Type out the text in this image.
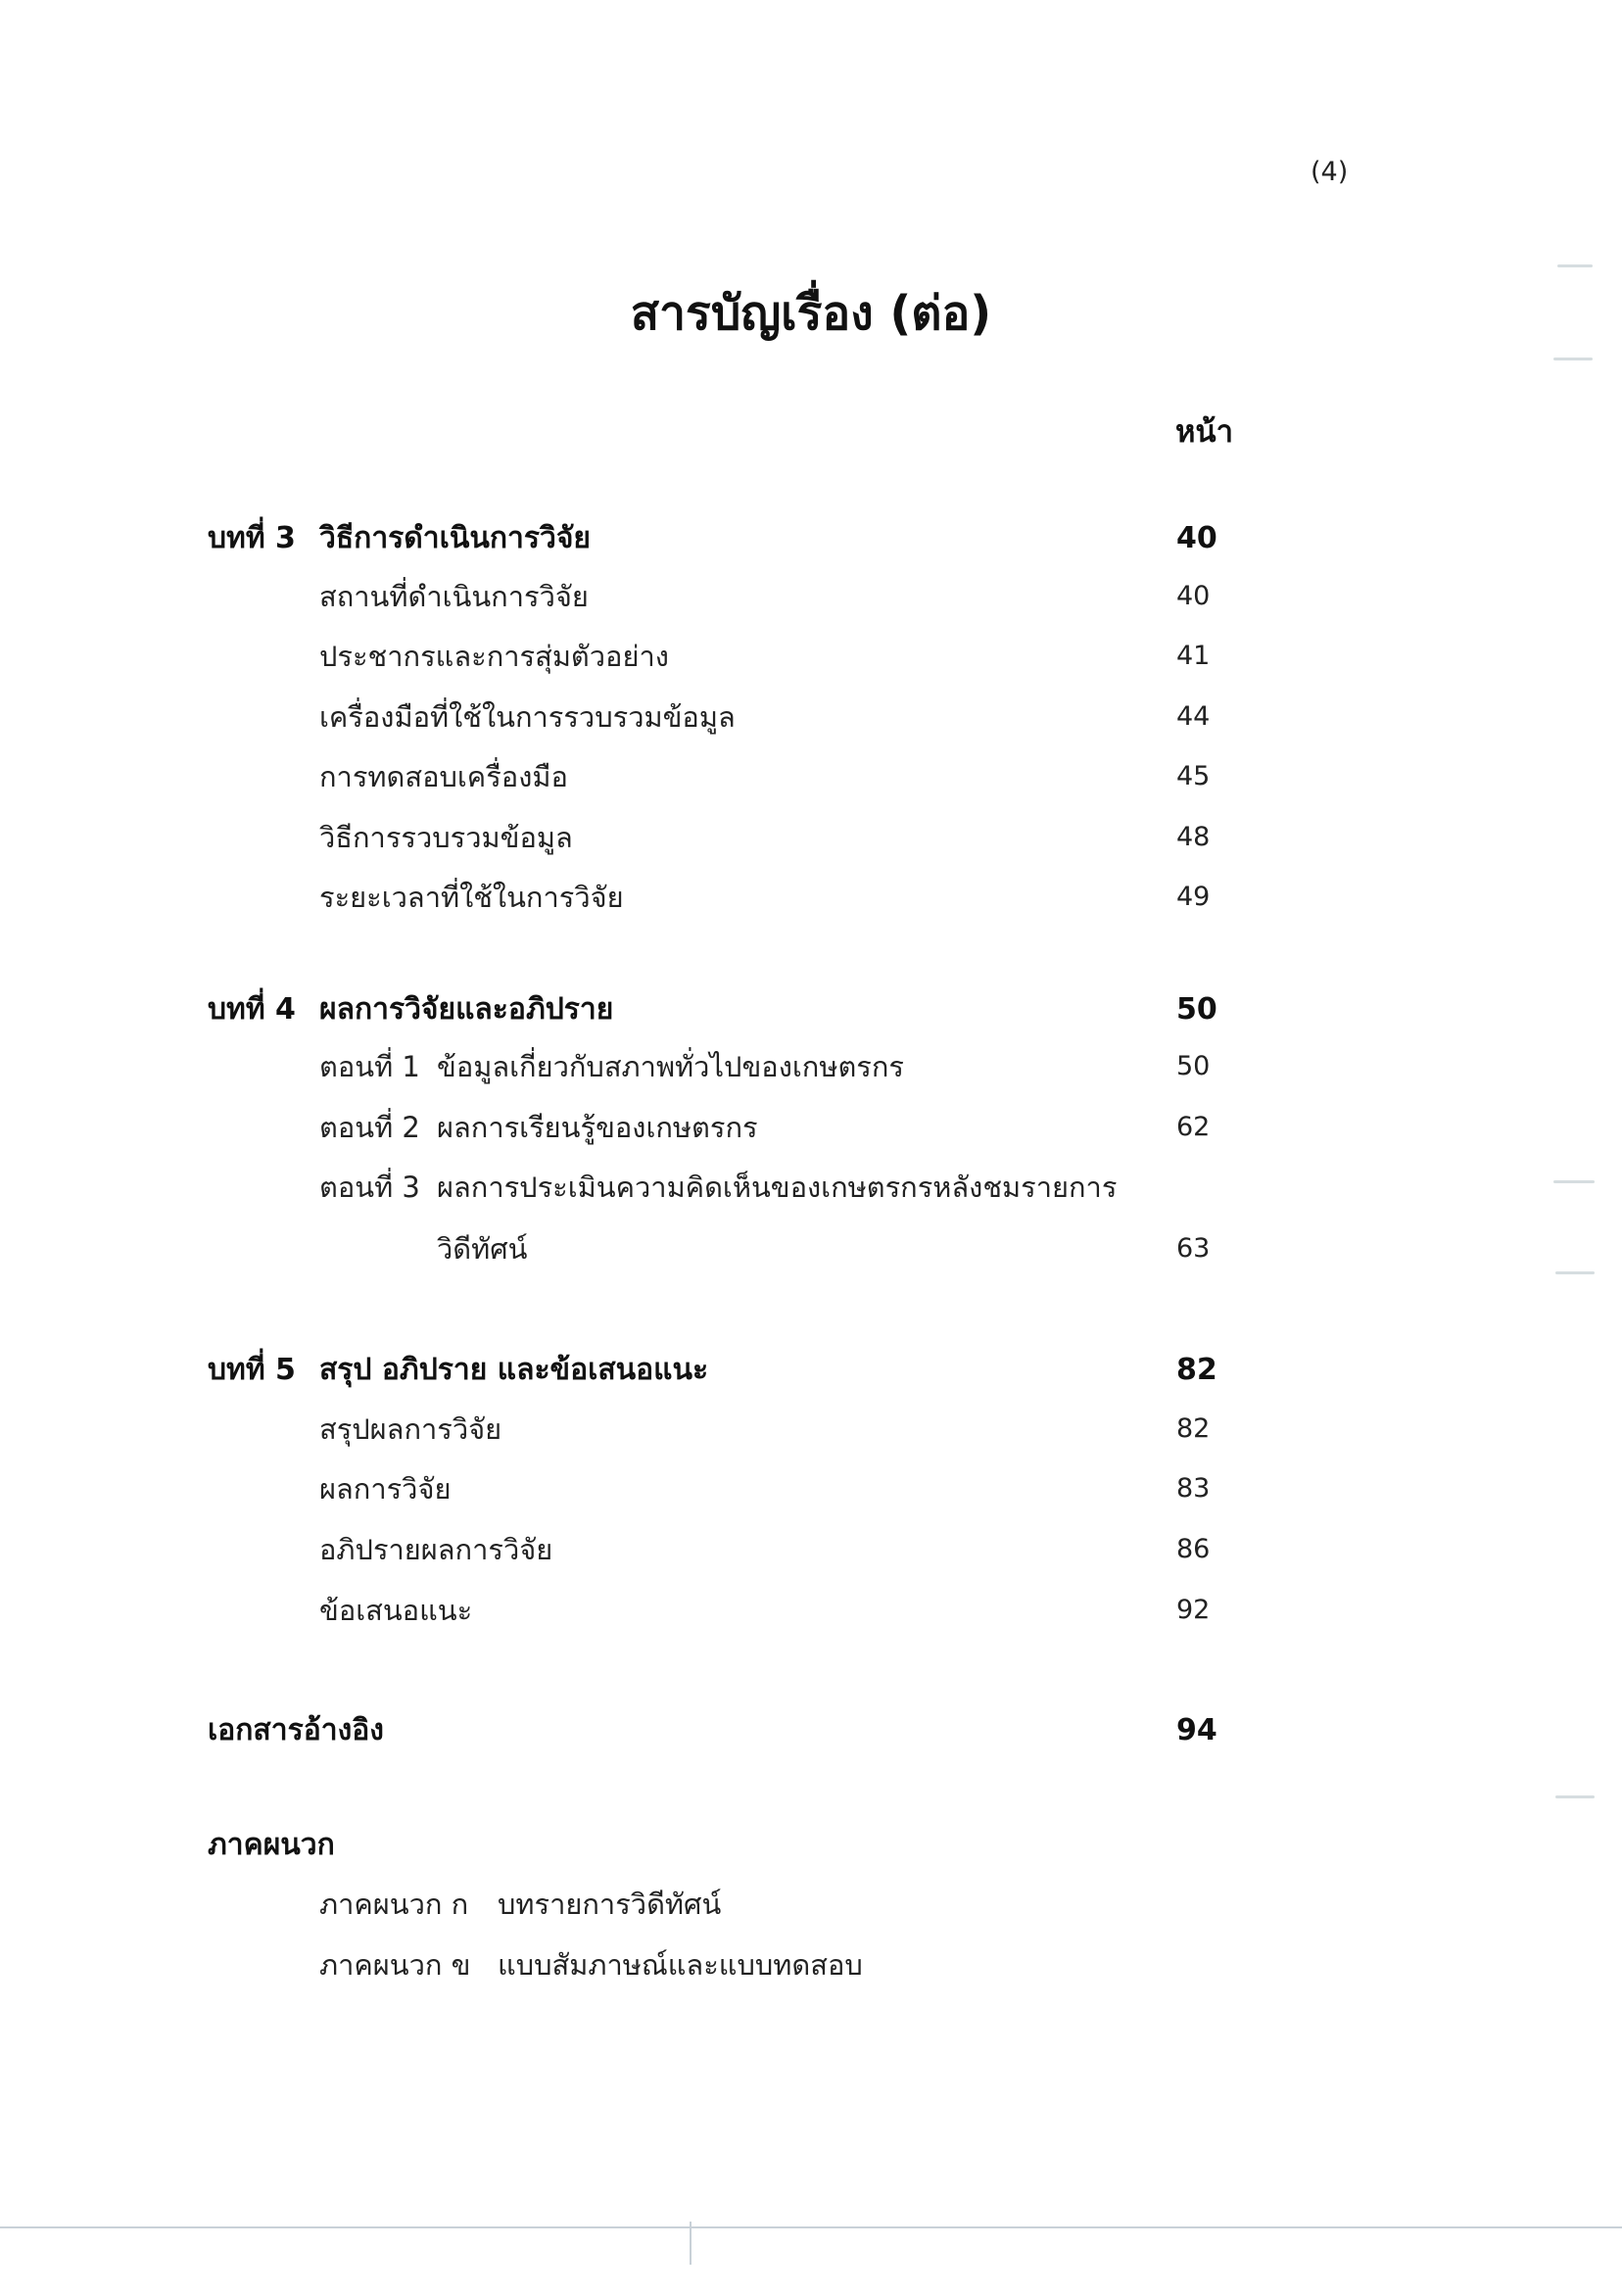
(4)
สารบัญเรื่อง (ต่อ)
หน้า
บทที่ 3 วิธีการดำเนินการวิจัย	40
สถานที่ดำเนินการวิจัย	40
ประชากรและการสุ่มตัวอย่าง	41
เครื่องมือที่ใช้ในการรวบรวมข้อมูล	44
การทดสอบเครื่องมือ	45
วิธีการรวบรวมข้อมูล	48
ระยะเวลาที่ใช้ในการวิจัย	49
บทที่ 4 ผลการวิจัยและอภิปราย	50
ตอนที่ 1 ข้อมูลเกี่ยวกับสภาพทั่วไปของเกษตรกร	50
ตอนที่ 2 ผลการเรียนรู้ของเกษตรกร	62
ตอนที่ 3 ผลการประเมินความคิดเห็นของเกษตรกรหลังชมรายการ
วิดีทัศน์	63
บทที่ 5 สรุป อภิปราย และข้อเสนอแนะ	82
สรุปผลการวิจัย	82
ผลการวิจัย	83
อภิปรายผลการวิจัย	86
ข้อเสนอแนะ	92
เอกสารอ้างอิง	94
ภาคผนวก
ภาคผนวก ก บทรายการวิดีทัศน์
ภาคผนวก ข แบบสัมภาษณ์และแบบทดสอบ
